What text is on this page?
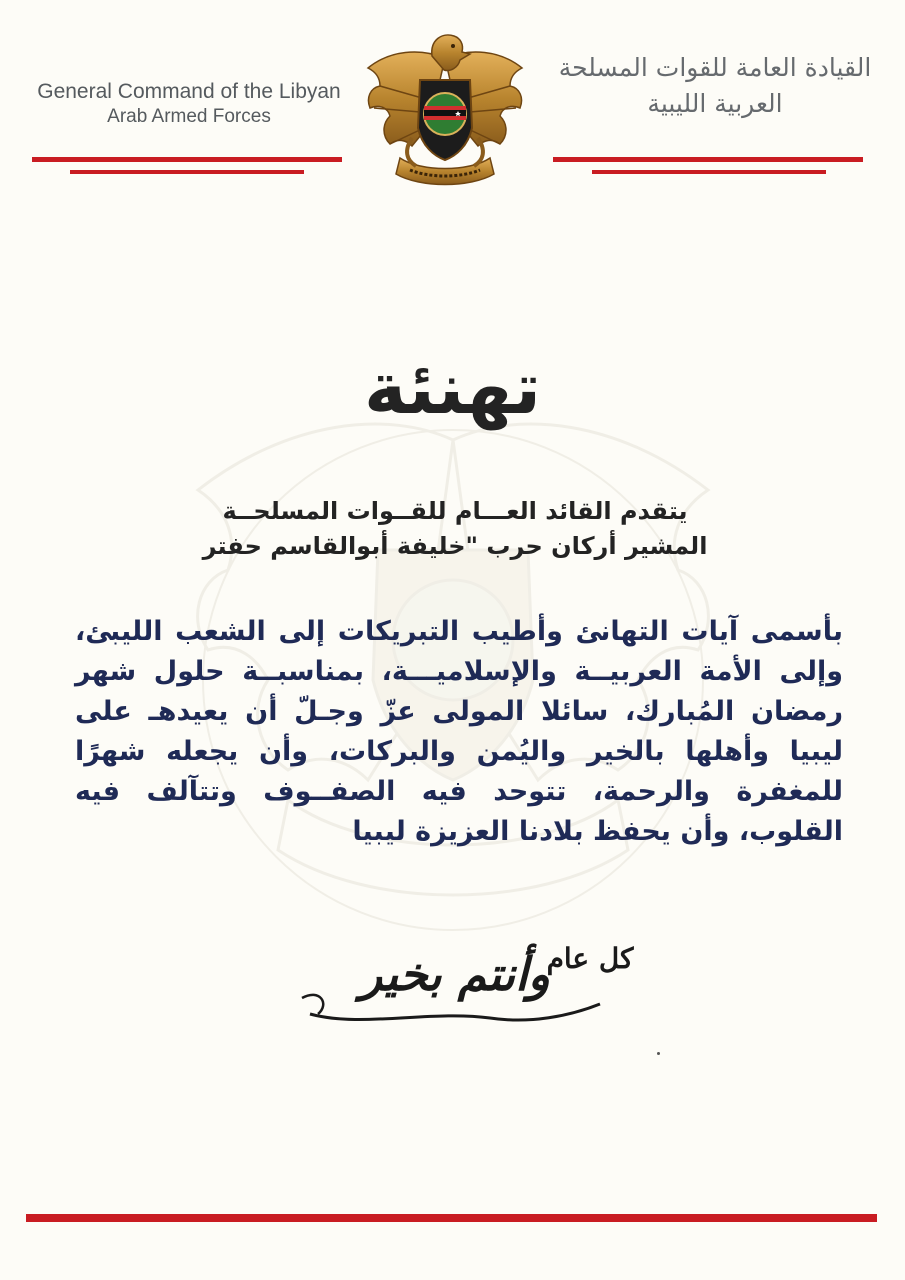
General Command of the Libyan
Arab Armed Forces
القيادة العامة للقوات المسلحة
العربية الليبية
تهنئة
يتقدم القائد العـــام للقــوات المسلحــة
المشير أركان حرب "خليفة أبوالقاسم حفتر
بأسمى آيات التهانئ وأطيب التبريكات إلى الشعب الليبئ، وإلى الأمة العربيــة والإسلاميـــة، بمناسبــة حلول شهر رمضان المُبارك، سائلا المولى عزّ وجـلّ أن يعيدهـ على ليبيا وأهلها بالخير واليُمن والبركات، وأن يجعله شهرًا للمغفرة والرحمة، تتوحد فيه الصفــوف وتتآلف فيه القلوب، وأن يحفظ بلادنا العزيزة ليبيا
وأنتم بخير
كل عام
